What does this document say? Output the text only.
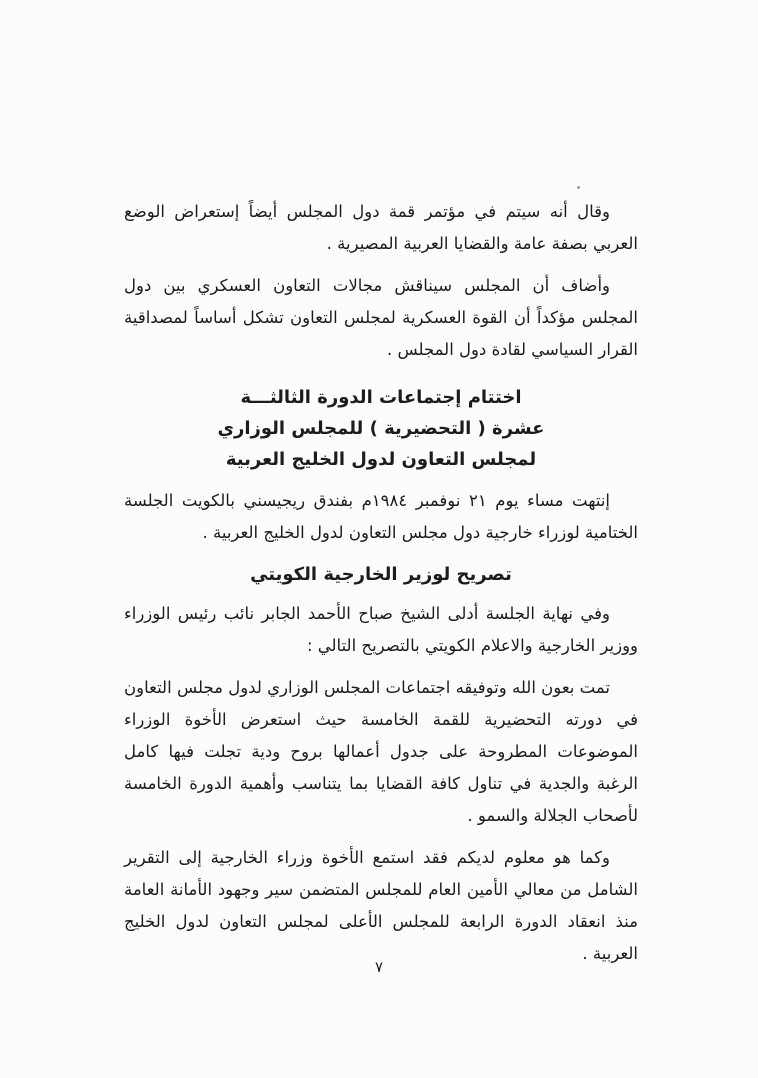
وقال أنه سيتم في مؤتمر قمة دول المجلس أيضاً إستعراض الوضع العربي بصفة عامة والقضايا العربية المصيرية .

وأضاف أن المجلس سيناقش مجالات التعاون العسكري بين دول المجلس مؤكداً أن القوة العسكرية لمجلس التعاون تشكل أساساً لمصداقية القرار السياسي لقادة دول المجلس .

اختتام إجتماعات الدورة الثالثـــة
عشرة ( التحضيرية ) للمجلس الوزاري
لمجلس التعاون لدول الخليج العربية

إنتهت مساء يوم ٢١ نوفمبر ١٩٨٤م بفندق ريجيسني بالكويت الجلسة الختامية لوزراء خارجية دول مجلس التعاون لدول الخليج العربية .

تصريح لوزير الخارجية الكويتي

وفي نهاية الجلسة أدلى الشيخ صباح الأحمد الجابر نائب رئيس الوزراء ووزير الخارجية والاعلام الكويتي بالتصريح التالي :

تمت بعون الله وتوفيقه اجتماعات المجلس الوزاري لدول مجلس التعاون في دورته التحضيرية للقمة الخامسة حيث استعرض الأخوة الوزراء الموضوعات المطروحة على جدول أعمالها بروح ودية تجلت فيها كامل الرغبة والجدية في تناول كافة القضايا بما يتناسب وأهمية الدورة الخامسة لأصحاب الجلالة والسمو .

وكما هو معلوم لديكم فقد استمع الأخوة وزراء الخارجية إلى التقرير الشامل من معالي الأمين العام للمجلس المتضمن سير وجهود الأمانة العامة منذ انعقاد الدورة الرابعة للمجلس الأعلى لمجلس التعاون لدول الخليج العربية .

٧
